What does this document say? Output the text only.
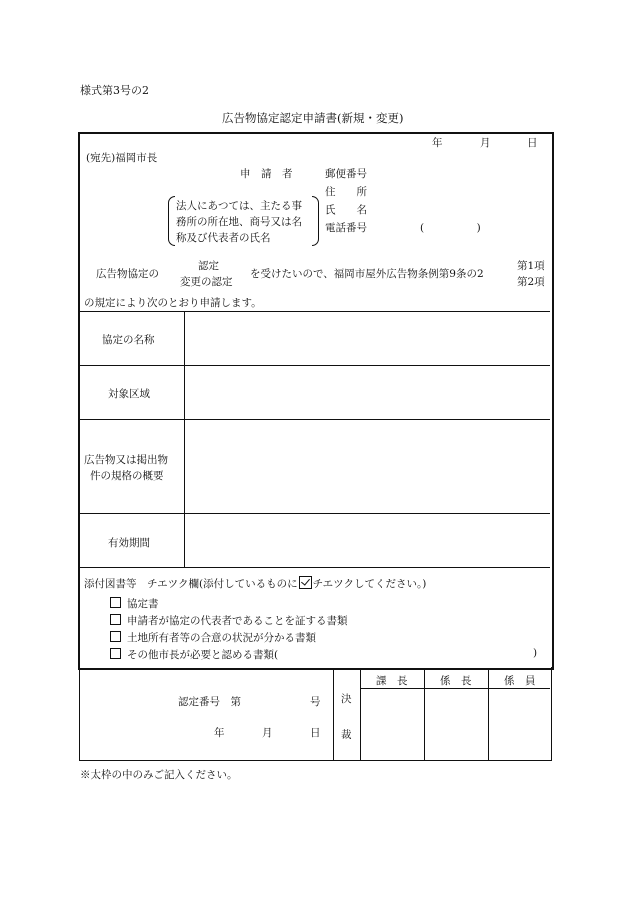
様式第3号の2
広告物協定認定申請書(新規・変更)
年	月	日
(宛先)福岡市長
申　請　者	郵便番号
住　　所
氏　　名
電話番号	(　　　　　)
法人にあつては、主たる事
務所の所在地、商号又は名
称及び代表者の氏名
広告物協定の
認定
変更の認定
を受けたいので、福岡市屋外広告物条例第9条の2
第1項
第2項
の規定により次のとおり申請します。
協定の名称
対象区域
広告物又は掲出物
件の規格の概要
有効期間
添付図書等　チエツク欄(添付しているものに チエツクしてください。)
協定書
申請者が協定の代表者であることを証する書類
土地所有者等の合意の状況が分かる書類
その他市長が必要と認める書類(	)
認定番号　第	号
年	月	日
決
裁
課　長	係　長	係　員
※太枠の中のみご記入ください。
